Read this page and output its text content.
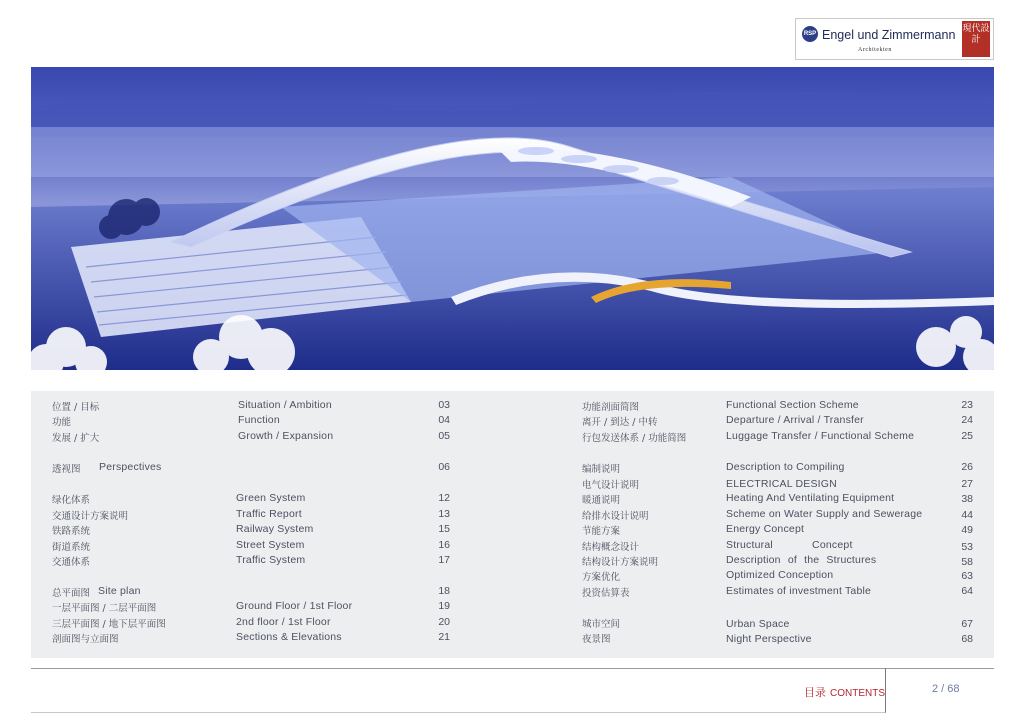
RSP Engel und Zimmermann
Architekten
現代設計
位置 / 目标	Situation / Ambition	03
功能	Function	04
发展 / 扩大	Growth / Expansion	05
透视图 Perspectives	06
绿化体系	Green System	12
交通设计方案说明	Traffic Report	13
铁路系统	Railway System	15
街道系统	Street System	16
交通体系	Traffic System	17
总平面图 Site plan	18
一层平面图 / 二层平面图	Ground Floor / 1st Floor	19
三层平面图 / 地下层平面图	2nd floor / 1st Floor	20
剖面图与立面图	Sections & Elevations	21
功能剖面简图	Functional Section Scheme	23
离开 / 到达 / 中转	Departure / Arrival / Transfer	24
行包发送体系 / 功能简图	Luggage Transfer / Functional Scheme	25
编制说明	Description to Compiling	26
电气设计说明	ELECTRICAL DESIGN	27
暖通说明	Heating And Ventilating Equipment	38
给排水设计说明	Scheme on Water Supply and Sewerage	44
节能方案	Energy Concept	49
结构概念设计	Structural Concept	53
结构设计方案说明	Description of the Structures	58
方案优化	Optimized Conception	63
投资估算表	Estimates of investment Table	64
城市空间	Urban Space	67
夜景图	Night Perspective	68
目录 CONTENTS	2 / 68
